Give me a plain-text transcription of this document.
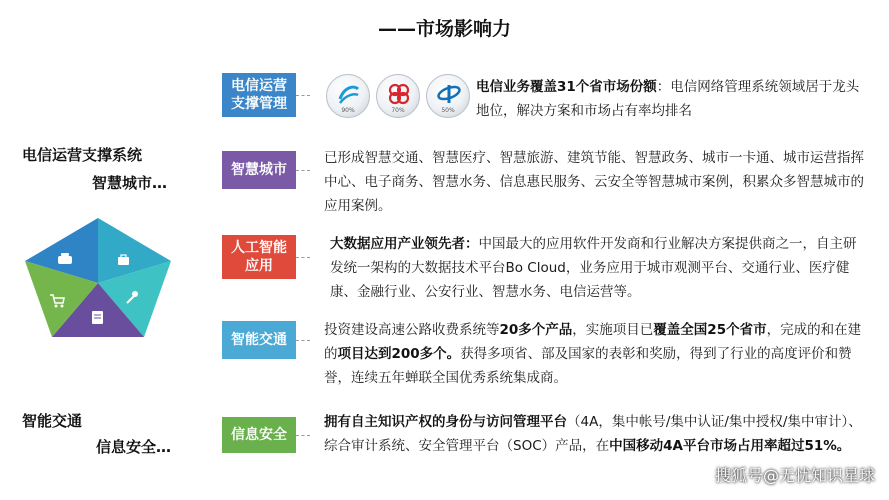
——市场影响力
电信运营支撑系统
智慧城市…
智能交通
信息安全…
电信运营
支撑管理
智慧城市
人工智能
应用
智能交通
信息安全
90%	70%	50%
电信业务覆盖31个省市场份额：电信网络管理系统领域居于龙头地位，解决方案和市场占有率均排名
已形成智慧交通、智慧医疗、智慧旅游、建筑节能、智慧政务、城市一卡通、城市运营指挥中心、电子商务、智慧水务、信息惠民服务、云安全等智慧城市案例，积累众多智慧城市的应用案例。
大数据应用产业领先者：中国最大的应用软件开发商和行业解决方案提供商之一，自主研发统一架构的大数据技术平台Bo Cloud，业务应用于城市观测平台、交通行业、医疗健康、金融行业、公安行业、智慧水务、电信运营等。
投资建设高速公路收费系统等20多个产品，实施项目已覆盖全国25个省市，完成的和在建的项目达到200多个。获得多项省、部及国家的表彰和奖励，得到了行业的高度评价和赞誉，连续五年蝉联全国优秀系统集成商。
拥有自主知识产权的身份与访问管理平台（4A，集中帐号/集中认证/集中授权/集中审计）、综合审计系统、安全管理平台（SOC）产品，在中国移动4A平台市场占用率超过51%。
搜狐号@无忧知识星球
